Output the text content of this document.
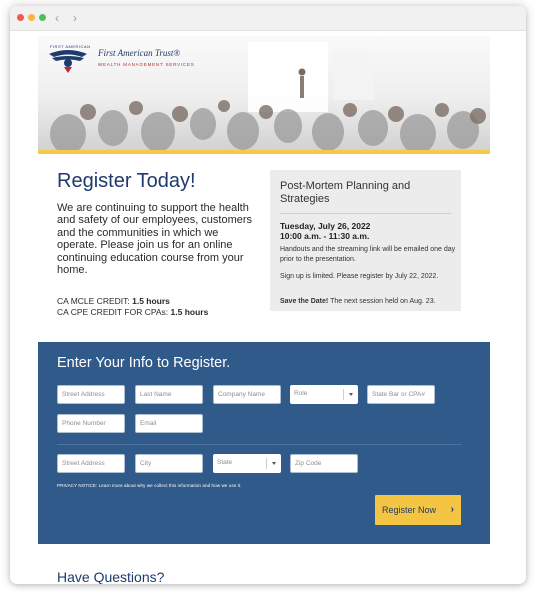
‹ ›
FIRST AMERICAN
First American Trust®
WEALTH MANAGEMENT SERVICES
Register Today!

We are continuing to support the health and safety of our employees, customers and the communities in which we operate. Please join us for an online continuing education course from your home.

CA MCLE CREDIT: 1.5 hours
CA CPE CREDIT FOR CPAs: 1.5 hours
Post-Mortem Planning and Strategies
Tuesday, July 26, 2022
10:00 a.m. - 11:30 a.m.

Handouts and the streaming link will be emailed one day prior to the presentation.

Sign up is limited. Please register by July 22, 2022.
Save the Date! The next session held on Aug. 23.
Enter Your Info to Register.
Street Address
Last Name
Company Name
Role
State Bar or CPA#
Phone Number
Email
Street Address
City
State
Zip Code
PRIVACY NOTICE: Learn more about why we collect this information and how we use it.
Register Now ›
Have Questions?
